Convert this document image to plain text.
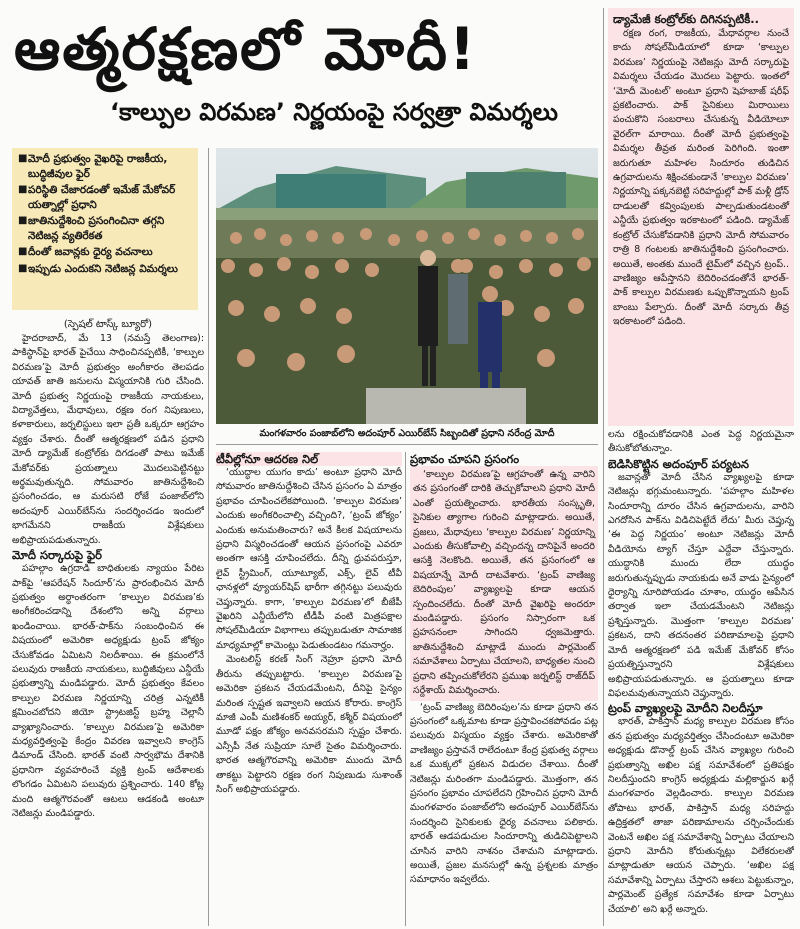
ఆత్మరక్షణలో మోదీ!
‘కాల్పుల విరమణ’ నిర్ణయంపై సర్వత్రా విమర్శలు
■ మోదీ ప్రభుత్వం వైఖరిపై రాజకీయ, బుద్ధిజీవుల ఫైర్
■ పరిస్థితి చేజారడంతో ఇమేజ్ మేకోవర్ యత్నాల్లో ప్రధాని
■ జాతినుద్దేశించి ప్రసంగించినా తగ్గని నెటిజన్ల వ్యతిరేకత
■ దీంతో జవాన్లకు ధైర్య వచనాలు
■ ఇప్పుడు ఎందుకని నెటిజన్ల విమర్శలు
మంగళవారం పంజాబ్‌లోని అదంపూర్ ఎయిర్‌బేస్ సిబ్బందితో ప్రధాని నరేంద్ర మోదీ
(స్పెషల్ టాస్క్ బ్యూరో)

హైదరాబాద్, మే 13 (నమస్తే తెలంగాణ): పాకిస్థాన్‌పై భారత్ పైచేయి సాధించినప్పటికీ, ‘కాల్పుల విరమణ’పై మోదీ ప్రభుత్వం అంగీకారం తెలపడం యావత్ జాతి జనులను విస్మయానికి గురి చేసింది. మోదీ ప్రభుత్వ నిర్ణయంపై రాజకీయ నాయకులు, విద్యావేత్తలు, మేధావులు, రక్షణ రంగ నిపుణులు, కళాకారులు, జర్నలిస్టులు ఇలా ప్రతీ ఒక్కరూ ఆగ్రహం వ్యక్తం చేశారు. దీంతో ఆత్మరక్షణలో పడిన ప్రధాని మోదీ డ్యామేజ్ కంట్రోల్‌కు దిగడంతో పాటు ఇమేజ్ మేకోవర్‌కు ప్రయత్నాలు మొదలుపెట్టినట్టు అర్థమవుతున్నది. సోమవారం జాతినుద్దేశించి ప్రసంగించడం, ఆ మరుసటి రోజే పంజాబ్‌లోని అదంపూర్ ఎయిర్‌బేస్‌ను సందర్శించడం ఇందులో భాగమేనని రాజకీయ విశ్లేషకులు అభిప్రాయపడుతున్నారు.

మోదీ సర్కారుపై ఫైర్

పహల్గాం ఉగ్రదాడి బాధితులకు న్యాయం పేరిట పాక్‌పై ‘ఆపరేషన్ సిందూర్’ను ప్రారంభించిన మోదీ ప్రభుత్వం అర్ధాంతరంగా ‘కాల్పుల విరమణ’కు అంగీకరించడాన్ని దేశంలోని అన్ని వర్గాలు ఖండించాయి. భారత్-పాక్‌ను సంబంధించిన ఈ విషయంలో అమెరికా అధ్యక్షుడు ట్రంప్ జోక్యం చేసుకోవడం ఏమిటని నిలదీశాయి. ఈ క్రమంలోనే పలువురు రాజకీయ నాయకులు, బుద్ధిజీవులు ఎన్డీయే ప్రభుత్వాన్ని మండిపడ్డారు. మోదీ ప్రభుత్వం కేవలం కాల్పుల విరమణ నిర్ణయాన్ని చరిత్ర ఎన్నటికీ క్షమించబోదని జియో స్ట్రాటజిస్ట్ బ్రహ్మ చెల్లానీ వ్యాఖ్యానించారు. ‘కాల్పుల విరమణ’పై అమెరికా మధ్యవర్తిత్వంపై కేంద్రం వివరణ ఇవ్వాలని కాంగ్రెస్ డిమాండ్ చేసింది. భారత్ వంటి సార్వభౌమ దేశానికి ప్రధానిగా వ్యవహరించే వ్యక్తి ట్రంప్ ఆదేశాలకు లొంగడం ఏమిటని పలువురు ప్రశ్నించారు. 140 కోట్ల మంది ఆత్మగౌరవంతో ఆటలు ఆడకండి అంటూ నెటిజన్లు మండిపడ్డారు.

టీవీల్లోనూ ఆదరణ నిల్

‘యుద్ధాల యుగం కాదు’ అంటూ ప్రధాని మోదీ సోమవారం జాతినుద్దేశించి చేసిన ప్రసంగం ఏ మాత్రం ప్రభావం చూపించలేకపోయింది. ‘కాల్పుల విరమణ’ ఎందుకు అంగీకరించాల్సి వచ్చింది?, ‘ట్రంప్ జోక్యం’ ఎందుకు అనుమతించారు? అనే కీలక విషయాలను ప్రధాని విస్మరించడంతో ఆయన ప్రసంగంపై ఎవరూ అంతగా ఆసక్తి చూపించలేదు. దీన్ని ధ్రువపరుస్తూ, లైవ్ స్ట్రీమింగ్, యూట్యూబ్, ఎక్స్, లైవ్ టీవీ ఛానళ్లలో వ్యూయర్‌షిప్ భారీగా తగ్గినట్టు పలువురు చెప్తున్నారు. కాగా, ‘కాల్పుల విరమణ’లో బీజేపీ వైఖరిని ఎన్డీయేలోని టీడీపీ వంటి మిత్రపక్షాల సోషల్‌మీడియా విభాగాలు తప్పుబడుతూ సామాజిక మాధ్యమాల్లో కామెంట్లు పెడుతుండటం గమనార్హం.

మెంటలిస్ట్ కరణ్ సింగ్ నెహ్రూ ప్రధాని మోదీ తీరును తప్పుబట్టారు. ‘కాల్పుల విరమణ’పై అమెరికా ప్రకటన చేయడమేంటని, దీనిపై సైన్యం మరింత స్పష్టత ఇవ్వాలని ఆయన కోరారు. కాంగ్రెస్ మాజీ ఎంపీ మణిశంకర్ అయ్యర్, కశ్మీర్ విషయంలో మూడో పక్షం జోక్యం అనవసరమని స్పష్టం చేశారు. ఎన్సీపీ నేత సుప్రియా సూలే సైతం విమర్శించారు. భారత ఆత్మగౌరవాన్ని అమెరికా ముందు మోదీ తాకట్టు పెట్టారని రక్షణ రంగ నిపుణుడు సుశాంత్ సింగ్ అభిప్రాయపడ్డారు.

ప్రభావం చూపని ప్రసంగం

‘కాల్పుల విరమణ’పై ఆగ్రహంతో ఉన్న వారిని తన ప్రసంగంతో దారికి తెచ్చుకోవాలని ప్రధాని మోదీ ఎంతో ప్రయత్నించారు. భారతీయ సంస్కృతి, సైనికుల త్యాగాల గురించి మాట్లాడారు. అయితే, ప్రజలు, మేధావులు ‘కాల్పుల విరమణ’ నిర్ణయాన్ని ఎందుకు తీసుకోవాల్సి వచ్చిందన్న దానిపైనే అందరి ఆసక్తి నెలకొంది. అయితే, తన ప్రసంగంలో ఆ విషయాన్నే మోదీ దాటవేశారు. ‘ట్రంప్ వాణిజ్య బెదిరింపుల’ వ్యాఖ్యలపై కూడా ఆయన స్పందించలేదు. దీంతో మోదీ వైఖరిపై అందరూ మండిపడ్డారు. ప్రసంగం నిస్సారంగా ఒక ప్రహసనంలా సాగిందని ధ్వజమెత్తారు. జాతినుద్దేశించి మాట్లాడే ముందు పార్లమెంట్ సమావేశాలు ఏర్పాటు చేయాలని, బాధ్యతల నుంచి ప్రధాని తప్పించుకోలేరని ప్రముఖ జర్నలిస్ట్ రాజ్‌దీప్ సర్దేశాయ్ విమర్శించారు.

‘ట్రంప్ వాణిజ్య బెదిరింపుల’ను కూడా ప్రధాని తన ప్రసంగంలో ఒక్కమాట కూడా ప్రస్తావించకపోవడం పట్ల పలువురు విస్మయం వ్యక్తం చేశారు. అమెరికాతో వాణిజ్యం ప్రస్తావనే రాలేదంటూ కేంద్ర ప్రభుత్వ వర్గాలు ఒక ముక్కలో ప్రకటన విడుదల చేశాయి. దీంతో నెటిజన్లు మరింతగా మండిపడ్డారు. మొత్తంగా, తన ప్రసంగం ప్రభావం చూపలేదని గ్రహించిన ప్రధాని మోదీ మంగళవారం పంజాబ్‌లోని అదంపూర్ ఎయిర్‌బేస్‌ను సందర్శించి సైనికులకు ధైర్య వచనాలు పలికారు. భారత్ ఆడపడుచుల సిందూరాన్ని తుడిచిపెట్టాలని చూసిన వారిని నాశనం చేశామని మాట్లాడారు. అయితే, ప్రజల మనసుల్లో ఉన్న ప్రశ్నలకు మాత్రం సమాధానం ఇవ్వలేదు.

డ్యామేజీ కంట్రోల్‌కు దిగినప్పటికీ..

రక్షణ రంగ, రాజకీయ, మేధావర్గాల నుంచే కాదు సోషల్‌మీడియాలో కూడా ‘కాల్పుల విరమణ’ నిర్ణయంపై నెటిజన్లు మోదీ సర్కారుపై విమర్శలు చేయడం మొదలు పెట్టారు. ఇంతలో ‘మోదీ మెంటల్’ అంటూ ప్రధాని షెహబాజ్ షరీఫ్ ప్రకటించారు. పాక్ సైనికులు మిరాయిలు పంచుకొని సంబరాలు చేసుకున్న వీడియోలూ వైరల్‌గా మారాయి. దీంతో మోదీ ప్రభుత్వంపై విమర్శల తీవ్రత మరింత పెరిగింది. ఇంతా జరుగుతూ మహిళల సిందూరం తుడిచిన ఉగ్రవాదులను శిక్షించకుండానే ‘కాల్పుల విరమణ’ నిర్ణయాన్ని పక్కనబెట్టి సరిహద్దుల్లో పాక్ మళ్లీ డ్రోన్ దాడులతో కవ్వింపులకు పాల్పడుతుండటంతో ఎన్డీయే ప్రభుత్వం ఇరకాటంలో పడింది. డ్యామేజ్ కంట్రోల్ చేసుకోవడానికి ప్రధాని మోదీ సోమవారం రాత్రి 8 గంటలకు జాతినుద్దేశించి ప్రసంగించారు. అయితే, అంతకు ముందే టైమ్‌లో వచ్చిన ట్రంప్.. వాణిజ్యం ఆపేస్తానని బెదిరించడంతోనే భారత్-పాక్ కాల్పుల విరమణకు ఒప్పుకొన్నాయని ట్రంప్ బాంబు పేల్చారు. దీంతో మోదీ సర్కారు తీవ్ర ఇరకాటంలో పడింది.

లను రక్షించుకోవడానికి ఎంత పెద్ద నిర్ణయమైనా తీసుకోబోతున్నాం.

బెడిసికొట్టిన అదంపూర్ పర్యటన

జవాన్లతో మోదీ చేసిన వ్యాఖ్యలపై కూడా నెటిజన్లు భగ్గుమంటున్నారు. ‘పహల్గాం మహిళల సిందూరాన్ని దూరం చేసిన ఉగ్రవాదులను, వారిని ఎగదోసిన పాక్‌ను విడిచిపెట్టేదే లేదు’ మీరు చెప్తున్న ‘ఈ పెద్ద నిర్ణయం’ అంటూ నెటిజన్లు మోదీ వీడియోను ట్యాగ్ చేస్తూ ఎద్దేవా చేస్తున్నారు. యుద్ధానికి ముందు లేదా యుద్ధం జరుగుతున్నప్పుడు నాయకుడు అనే వాడు సైన్యంలో ధైర్యాన్ని నూరిపోయడం చూశాం, యుద్ధం ఆపేసిన తర్వాత ఇలా చేయడమేంటని నెటిజన్లు ప్రశ్నిస్తున్నారు. మొత్తంగా ‘కాల్పుల విరమణ’ ప్రకటన, దాని తదనంతర పరిణామాలపై ప్రధాని మోదీ ఆత్మరక్షణలో పడి ఇమేజ్ మేకోవర్ కోసం ప్రయత్నిస్తున్నారని విశ్లేషకులు అభిప్రాయపడుతున్నారు. ఆ ప్రయత్నాలు కూడా విఫలమవుతున్నాయని చెప్తున్నారు.

ట్రంప్ వ్యాఖ్యలపై మోదీని నిలదీస్తూ

భారత్, పాకిస్తాన్ మధ్య కాల్పుల విరమణ కోసం తన ప్రభుత్వం మధ్యవర్తిత్వం చేసిందంటూ అమెరికా అధ్యక్షుడు డొనాల్డ్ ట్రంప్ చేసిన వ్యాఖ్యల గురించి ప్రభుత్వాన్ని అఖిల పక్ష సమావేశంలో ప్రతిపక్షం నిలదీస్తుందని కాంగ్రెస్ అధ్యక్షుడు మల్లికార్జున ఖర్గే మంగళవారం వెల్లడించారు. కాల్పుల విరమణ తోపాటు భారత్, పాకిస్తాన్ మధ్య సరిహద్దు ఉద్రిక్తతలో తాజా పరిణామాలను చర్చించేందుకు వెంటనే అఖిల పక్ష సమావేశాన్ని ఏర్పాటు చేయాలని ప్రధాని మోదీని కోరుతున్నట్లు విలేకరులతో మాట్లాడుతూ ఆయన చెప్పారు. ‘అఖిల పక్ష సమావేశాన్ని ఏర్పాటు చేస్తారని ఆశలు పెట్టుకున్నాం, పార్లమెంట్ ప్రత్యేక సమావేశం కూడా ఏర్పాటు చేయాలి’ అని ఖర్గే అన్నారు.
